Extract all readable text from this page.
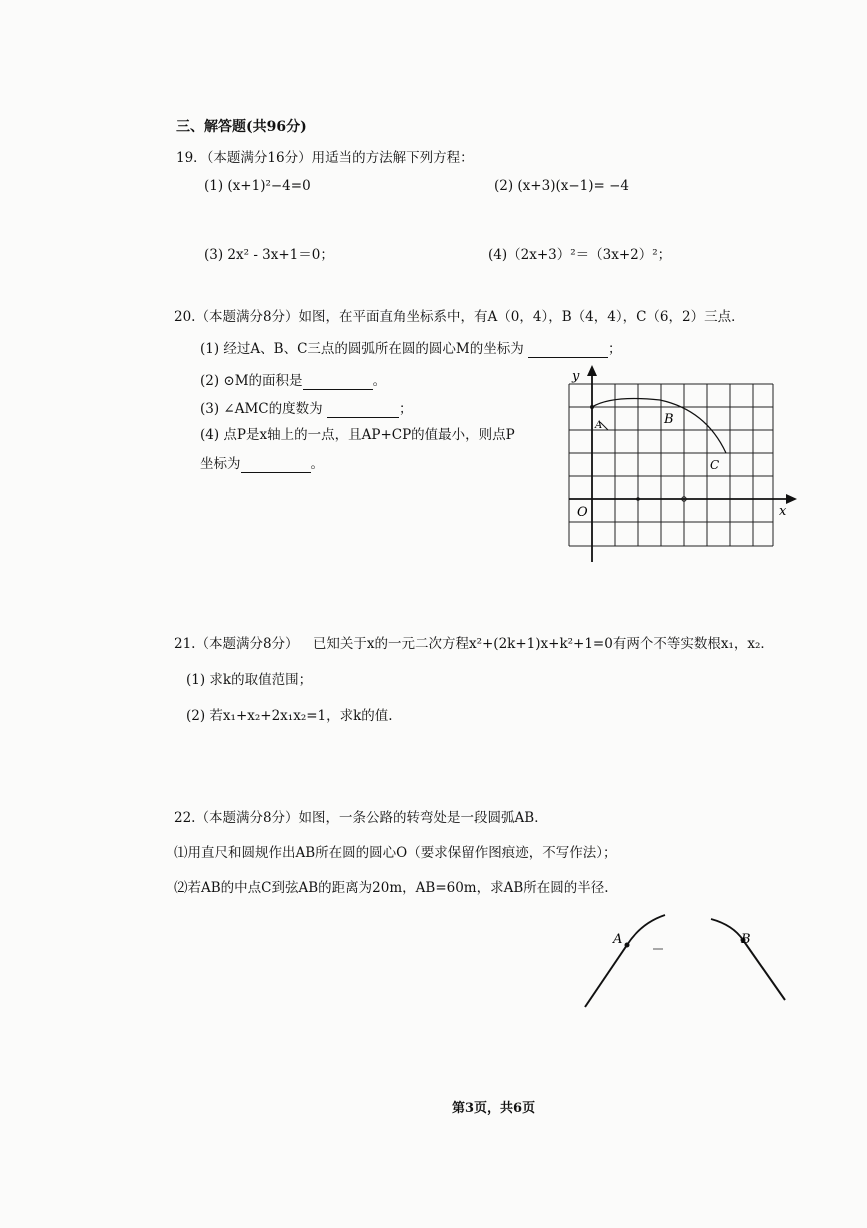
三、解答题(共96分)
19．（本题满分16分）用适当的方法解下列方程：
(1) (x+1)²−4=0	(2) (x+3)(x−1)= −4
(3) 2x² - 3x+1＝0；	(4)（2x+3）²＝（3x+2）²；
20.（本题满分8分）如图，在平面直角坐标系中，有A（0，4），B（4，4），C（6，2）三点．
(1) 经过A、B、C三点的圆弧所在圆的圆心M的坐标为	；
(2) ⊙M的面积是	。
(3) ∠AMC的度数为	；
(4) 点P是x轴上的一点，且AP+CP的值最小，则点P
坐标为	。
y
x
O
A	B
C
21.（本题满分8分） 已知关于x的一元二次方程x²+(2k+1)x+k²+1=0有两个不等实数根x₁，x₂．
(1) 求k的取值范围；
(2) 若x₁+x₂+2x₁x₂=1，求k的值.
22.（本题满分8分）如图，一条公路的转弯处是一段圆弧AB．
⑴用直尺和圆规作出AB所在圆的圆心O（要求保留作图痕迹，不写作法）；
⑵若AB的中点C到弦AB的距离为20m，AB=60m，求AB所在圆的半径.
A	B
第3页，共6页
